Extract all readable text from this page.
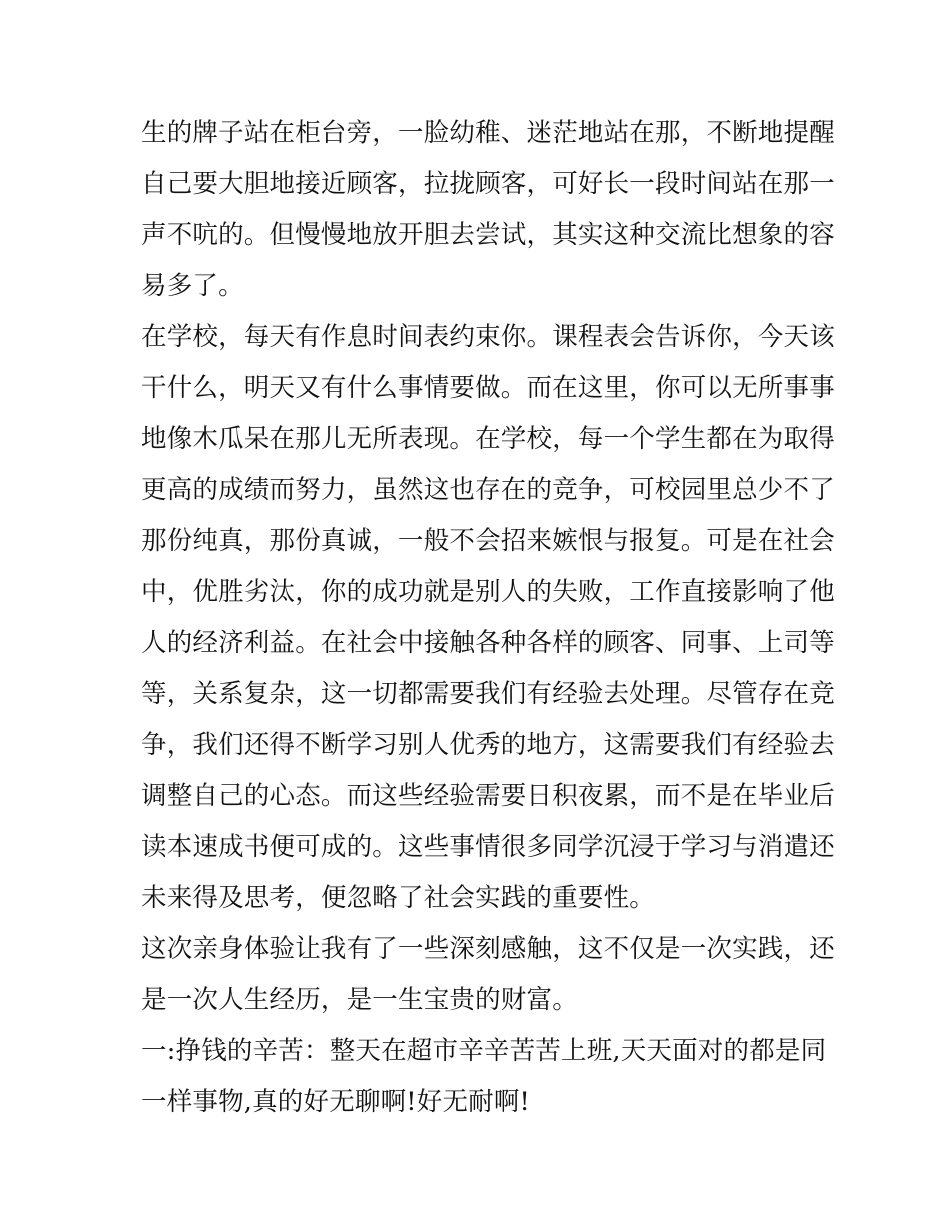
生的牌子站在柜台旁，一脸幼稚、迷茫地站在那，不断地提醒
自己要大胆地接近顾客，拉拢顾客，可好长一段时间站在那一
声不吭的。但慢慢地放开胆去尝试，其实这种交流比想象的容
易多了。

在学校，每天有作息时间表约束你。课程表会告诉你，今天该
干什么，明天又有什么事情要做。而在这里，你可以无所事事
地像木瓜呆在那儿无所表现。在学校，每一个学生都在为取得
更高的成绩而努力，虽然这也存在的竞争，可校园里总少不了
那份纯真，那份真诚，一般不会招来嫉恨与报复。可是在社会
中，优胜劣汰，你的成功就是别人的失败，工作直接影响了他
人的经济利益。在社会中接触各种各样的顾客、同事、上司等
等，关系复杂，这一切都需要我们有经验去处理。尽管存在竞
争，我们还得不断学习别人优秀的地方，这需要我们有经验去
调整自己的心态。而这些经验需要日积夜累，而不是在毕业后
读本速成书便可成的。这些事情很多同学沉浸于学习与消遣还
未来得及思考，便忽略了社会实践的重要性。

这次亲身体验让我有了一些深刻感触，这不仅是一次实践，还
是一次人生经历，是一生宝贵的财富。

一:挣钱的辛苦：整天在超市辛辛苦苦上班,天天面对的都是同
一样事物,真的好无聊啊!好无耐啊!
